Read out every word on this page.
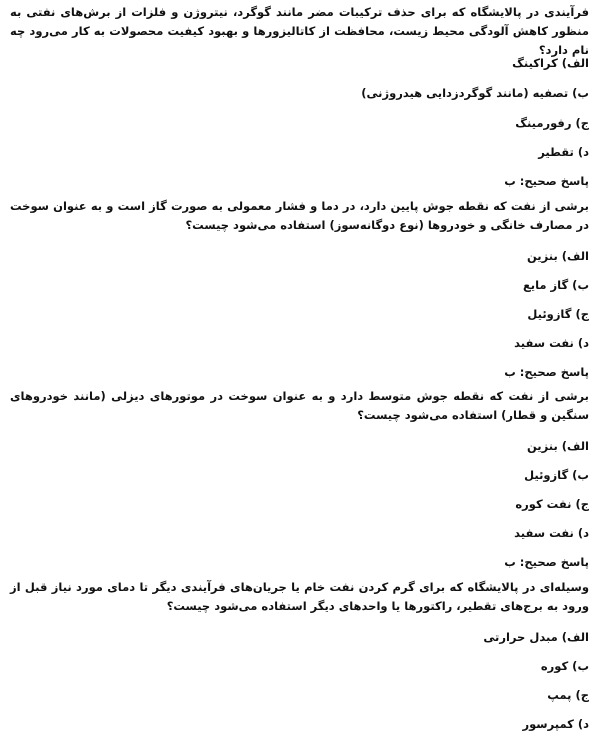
فرآیندی در پالایشگاه که برای حذف ترکیبات مضر مانند گوگرد، نیتروژن و فلزات از برش‌های نفتی به منظور کاهش آلودگی محیط زیست، محافظت از کاتالیزورها و بهبود کیفیت محصولات به کار می‌رود چه نام دارد؟

الف) کراکینگ

ب) تصفیه (مانند گوگردزدایی هیدروژنی)

ج) رفورمینگ

د) تقطیر

پاسخ صحیح: ب

برشی از نفت که نقطه جوش پایین دارد، در دما و فشار معمولی به صورت گاز است و به عنوان سوخت در مصارف خانگی و خودروها (نوع دوگانه‌سوز) استفاده می‌شود چیست؟

الف) بنزین

ب) گاز مایع

ج) گازوئیل

د) نفت سفید

پاسخ صحیح: ب

برشی از نفت که نقطه جوش متوسط دارد و به عنوان سوخت در موتورهای دیزلی (مانند خودروهای سنگین و قطار) استفاده می‌شود چیست؟

الف) بنزین

ب) گازوئیل

ج) نفت کوره

د) نفت سفید

پاسخ صحیح: ب

وسیله‌ای در پالایشگاه که برای گرم کردن نفت خام یا جریان‌های فرآیندی دیگر تا دمای مورد نیاز قبل از ورود به برج‌های تقطیر، راکتورها یا واحدهای دیگر استفاده می‌شود چیست؟

الف) مبدل حرارتی

ب) کوره

ج) پمپ

د) کمپرسور
